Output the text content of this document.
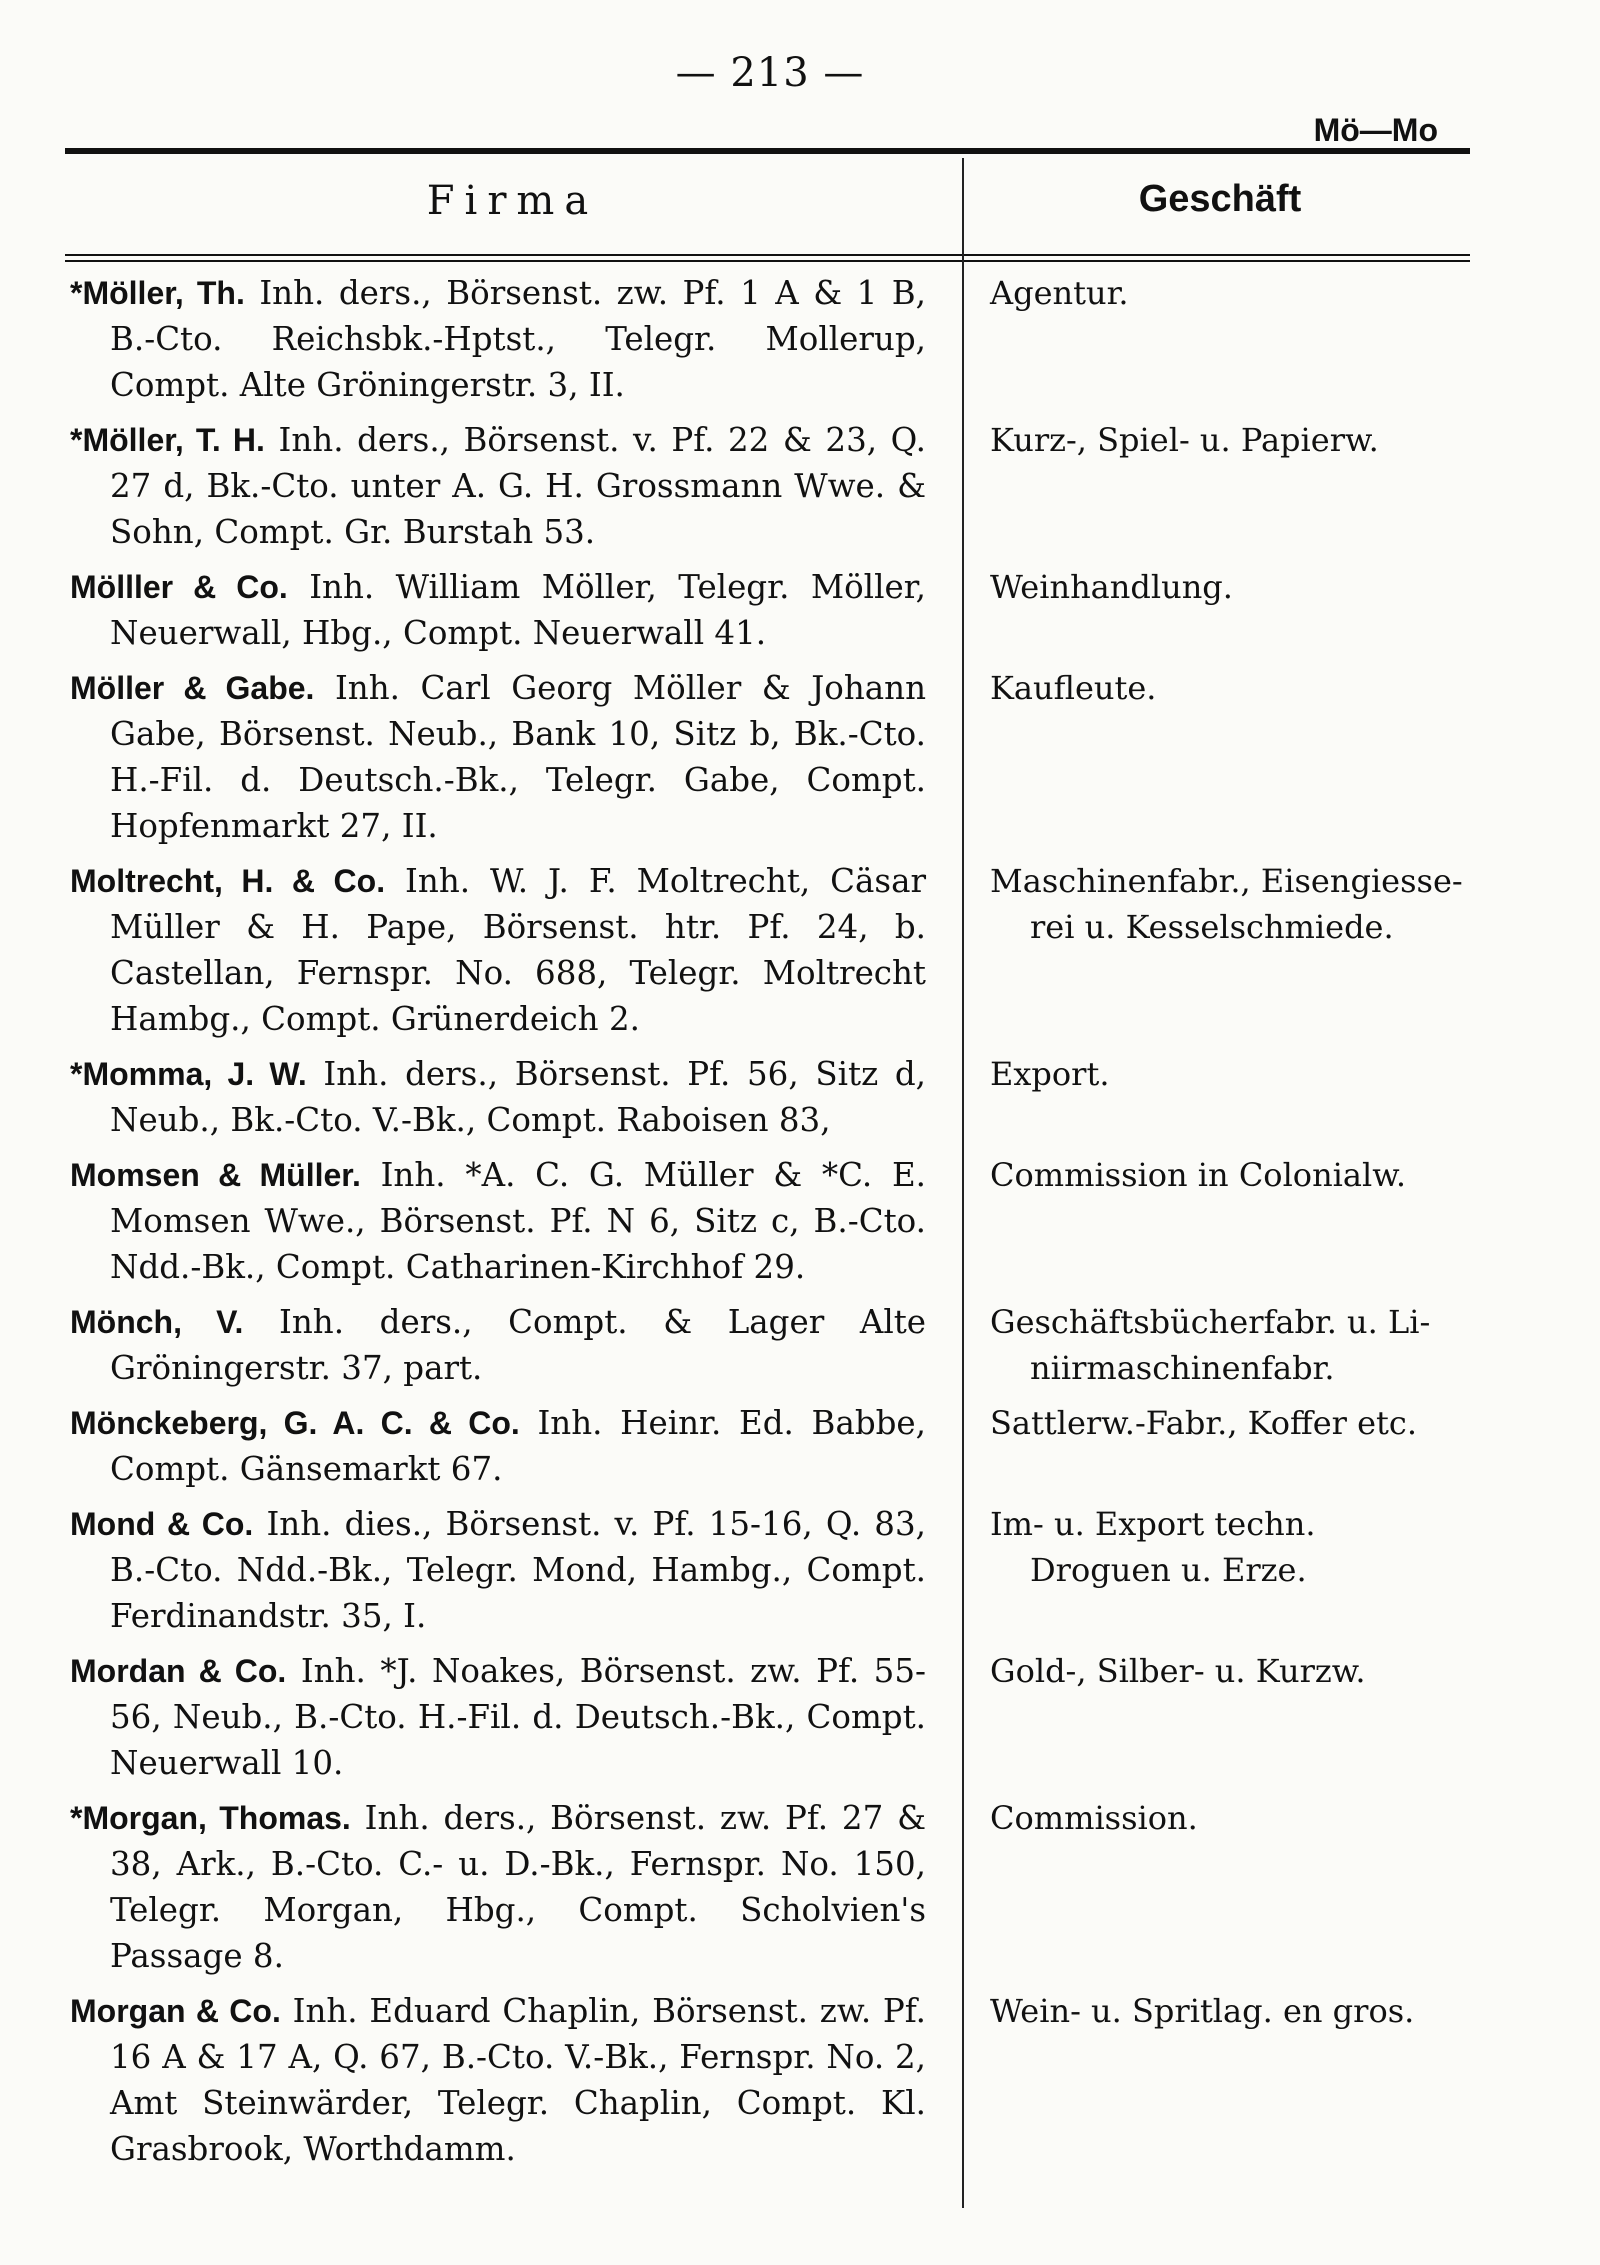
— 213 —
Mö—Mo
Firma	Geschäft
*Möller, Th. Inh. ders., Börsenst. zw. Pf. 1 A & 1 B, B.-Cto. Reichsbk.-Hptst., Telegr. Mollerup, Compt. Alte Gröningerstr. 3, II.
Agentur.
*Möller, T. H. Inh. ders., Börsenst. v. Pf. 22 & 23, Q. 27 d, Bk.-Cto. unter A. G. H. Grossmann Wwe. & Sohn, Compt. Gr. Burstah 53.
Kurz-, Spiel- u. Papierw.
Mölller & Co. Inh. William Möller, Telegr. Möller, Neuerwall, Hbg., Compt. Neuerwall 41.
Weinhandlung.
Möller & Gabe. Inh. Carl Georg Möller & Johann Gabe, Börsenst. Neub., Bank 10, Sitz b, Bk.-Cto. H.-Fil. d. Deutsch.-Bk., Telegr. Gabe, Compt. Hopfenmarkt 27, II.
Kaufleute.
Moltrecht, H. & Co. Inh. W. J. F. Moltrecht, Cäsar Müller & H. Pape, Börsenst. htr. Pf. 24, b. Castellan, Fernspr. No. 688, Telegr. Moltrecht Hambg., Compt. Grünerdeich 2.
Maschinenfabr., Eisengiesse-

rei u. Kesselschmiede.
*Momma, J. W. Inh. ders., Börsenst. Pf. 56, Sitz d, Neub., Bk.-Cto. V.-Bk., Compt. Raboisen 83,
Export.
Momsen & Müller. Inh. *A. C. G. Müller & *C. E. Momsen Wwe., Börsenst. Pf. N 6, Sitz c, B.-Cto. Ndd.-Bk., Compt. Catharinen-Kirchhof 29.
Commission in Colonialw.
Mönch, V. Inh. ders., Compt. & Lager Alte Gröningerstr. 37, part.
Geschäftsbücherfabr. u. Li-

niirmaschinenfabr.
Mönckeberg, G. A. C. & Co. Inh. Heinr. Ed. Babbe, Compt. Gänsemarkt 67.
Sattlerw.-Fabr., Koffer etc.
Mond & Co. Inh. dies., Börsenst. v. Pf. 15-16, Q. 83, B.-Cto. Ndd.-Bk., Telegr. Mond, Hambg., Compt. Ferdinandstr. 35, I.
Im- u. Export techn.

Droguen u. Erze.
Mordan & Co. Inh. *J. Noakes, Börsenst. zw. Pf. 55-56, Neub., B.-Cto. H.-Fil. d. Deutsch.-Bk., Compt. Neuerwall 10.
Gold-, Silber- u. Kurzw.
*Morgan, Thomas. Inh. ders., Börsenst. zw. Pf. 27 & 38, Ark., B.-Cto. C.- u. D.-Bk., Fernspr. No. 150, Telegr. Morgan, Hbg., Compt. Scholvien's Passage 8.
Commission.
Morgan & Co. Inh. Eduard Chaplin, Börsenst. zw. Pf. 16 A & 17 A, Q. 67, B.-Cto. V.-Bk., Fernspr. No. 2, Amt Steinwärder, Telegr. Chaplin, Compt. Kl. Grasbrook, Worthdamm.
Wein- u. Spritlag. en gros.
